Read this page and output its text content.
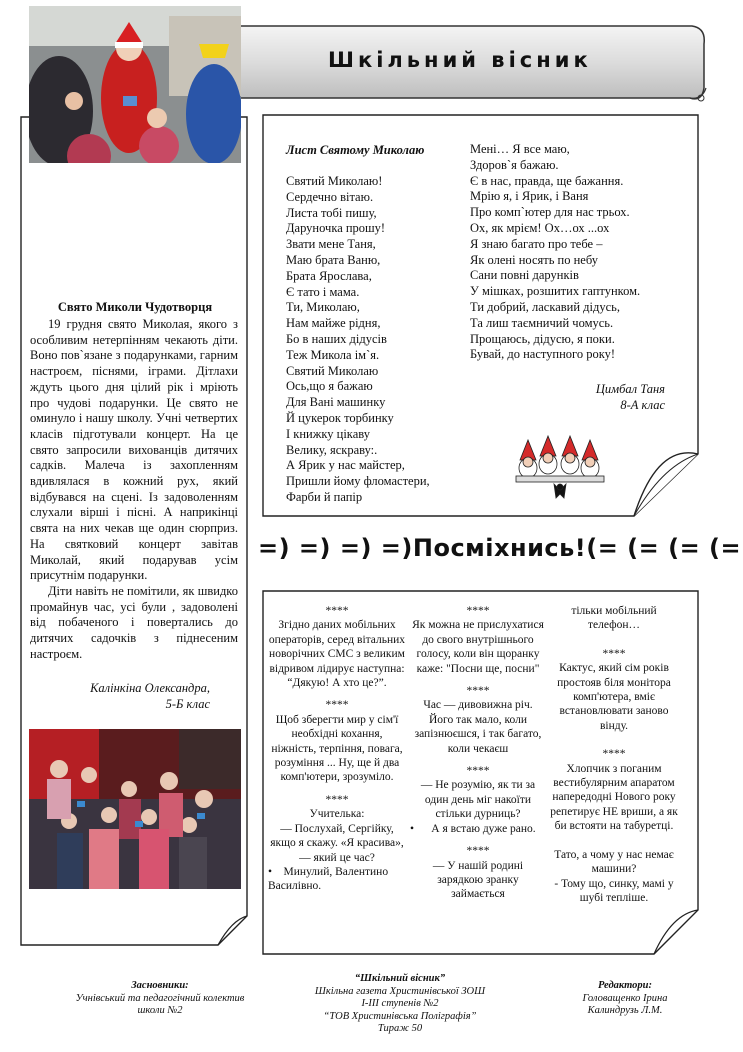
Шкільний вісник
Свято Миколи Чудотворця

19 грудня свято Миколая, якого з особливим нетерпінням чекають діти. Воно пов`язане з подарунками, гарним настроєм, піснями, іграми. Дітлахи ждуть цього дня цілий рік і мріють про чудові подарунки. Це свято не оминуло і нашу школу. Учні четвертих класів підготували концерт. На це свято запросили вихованців дитячих садків. Малеча із захопленням вдивлялася в кожний рух, який відбувався на сцені. Із задоволенням слухали вірші і пісні. А наприкінці свята на них чекав ще один сюрприз. На святковий концерт завітав Миколай, який подарував усім присутнім подарунки.

Діти навіть не помітили, як швидко промайнув час, усі були , задоволені від побаченого і повертались до дитячих садочків з піднесеним настроєм.

Калінкіна Олександра,
5-Б клас
Лист Святому Миколаю
Святий Миколаю!
Сердечно вітаю.
Листа тобі пишу,
Даруночка прошу!
Звати мене Таня,
Маю брата Ваню,
Брата Ярослава,
Є тато і мама.
Ти, Миколаю,
Нам майже рідня,
Бо в наших дідусів
Теж Микола ім`я.
Святий Миколаю
Ось,що я бажаю
Для Вані машинку
Й цукерок торбинку
І книжку цікаву
Велику, яскраву:.
А Ярик у нас майстер,
Пришли йому фломастери,
Фарби й папір
Мені… Я все маю,
Здоров`я бажаю.
Є в нас, правда, ще бажання.
Мрію я, і Ярик, і Ваня
Про комп`ютер для нас трьох.
Ох, як мрієм! Ох…ох ...ох
Я знаю багато про тебе –
Як олені носять по небу
Сани повні дарунків
У мішках, розшитих гаптунком.
Ти добрий, ласкавий дідусь,
Та лиш таємничий чомусь.
Прощаюсь, дідусю, я поки.
Бувай, до наступного року!
Цимбал Таня
8-А клас
=) =) =) =)Посміхнись!(= (= (= (=
****
Згідно даних мобільних операторів, серед вітальних новорічних СМС з великим відривом лідирує наступна: “Дякую! А хто це?”.
****
Щоб зберегти мир у сім'ї необхідні кохання, ніжність, терпіння, повага, розуміння ... Ну, ще й два комп'ютери, зрозуміло.
****
Учителька:
— Послухай, Сергійку, якщо я скажу. «Я красива», — який це час?
•    Минулий, Валентино Василівно.
****
Як можна не прислухатися до свого внутрішнього голосу, коли він щоранку каже: "Посни ще, посни"
****
Час — дивовижна річ. Його так мало, коли запізнюєшся, і так багато, коли чекаєш
****
— Не розумію, як ти за один день міг накоїти стільки дурниць?
•      А я встаю дуже рано.
****
— У нашій родині зарядкою зранку займається
тільки мобільний телефон…
****
Кактус, який сім років простояв біля монітора комп'ютера, вміє встановлювати заново вінду.
****
Хлопчик з поганим вестибулярним апаратом напередодні Нового року репетирує НЕ вриши, а як би встояти на табуретці.
Тато, а чому у нас немає машини?
- Тому що, синку, мамі у шубі тепліше.
Засновники:
Учнівський та педагогічний колектив школи №2
“Шкільний вісник”
Шкільна газета Христинівської ЗОШ
І-ІІІ ступенів №2
“ТОВ Христинівська Поліграфія”
Тираж 50
Редактори:
Головащенко Ірина
Калиндрузь Л.М.
